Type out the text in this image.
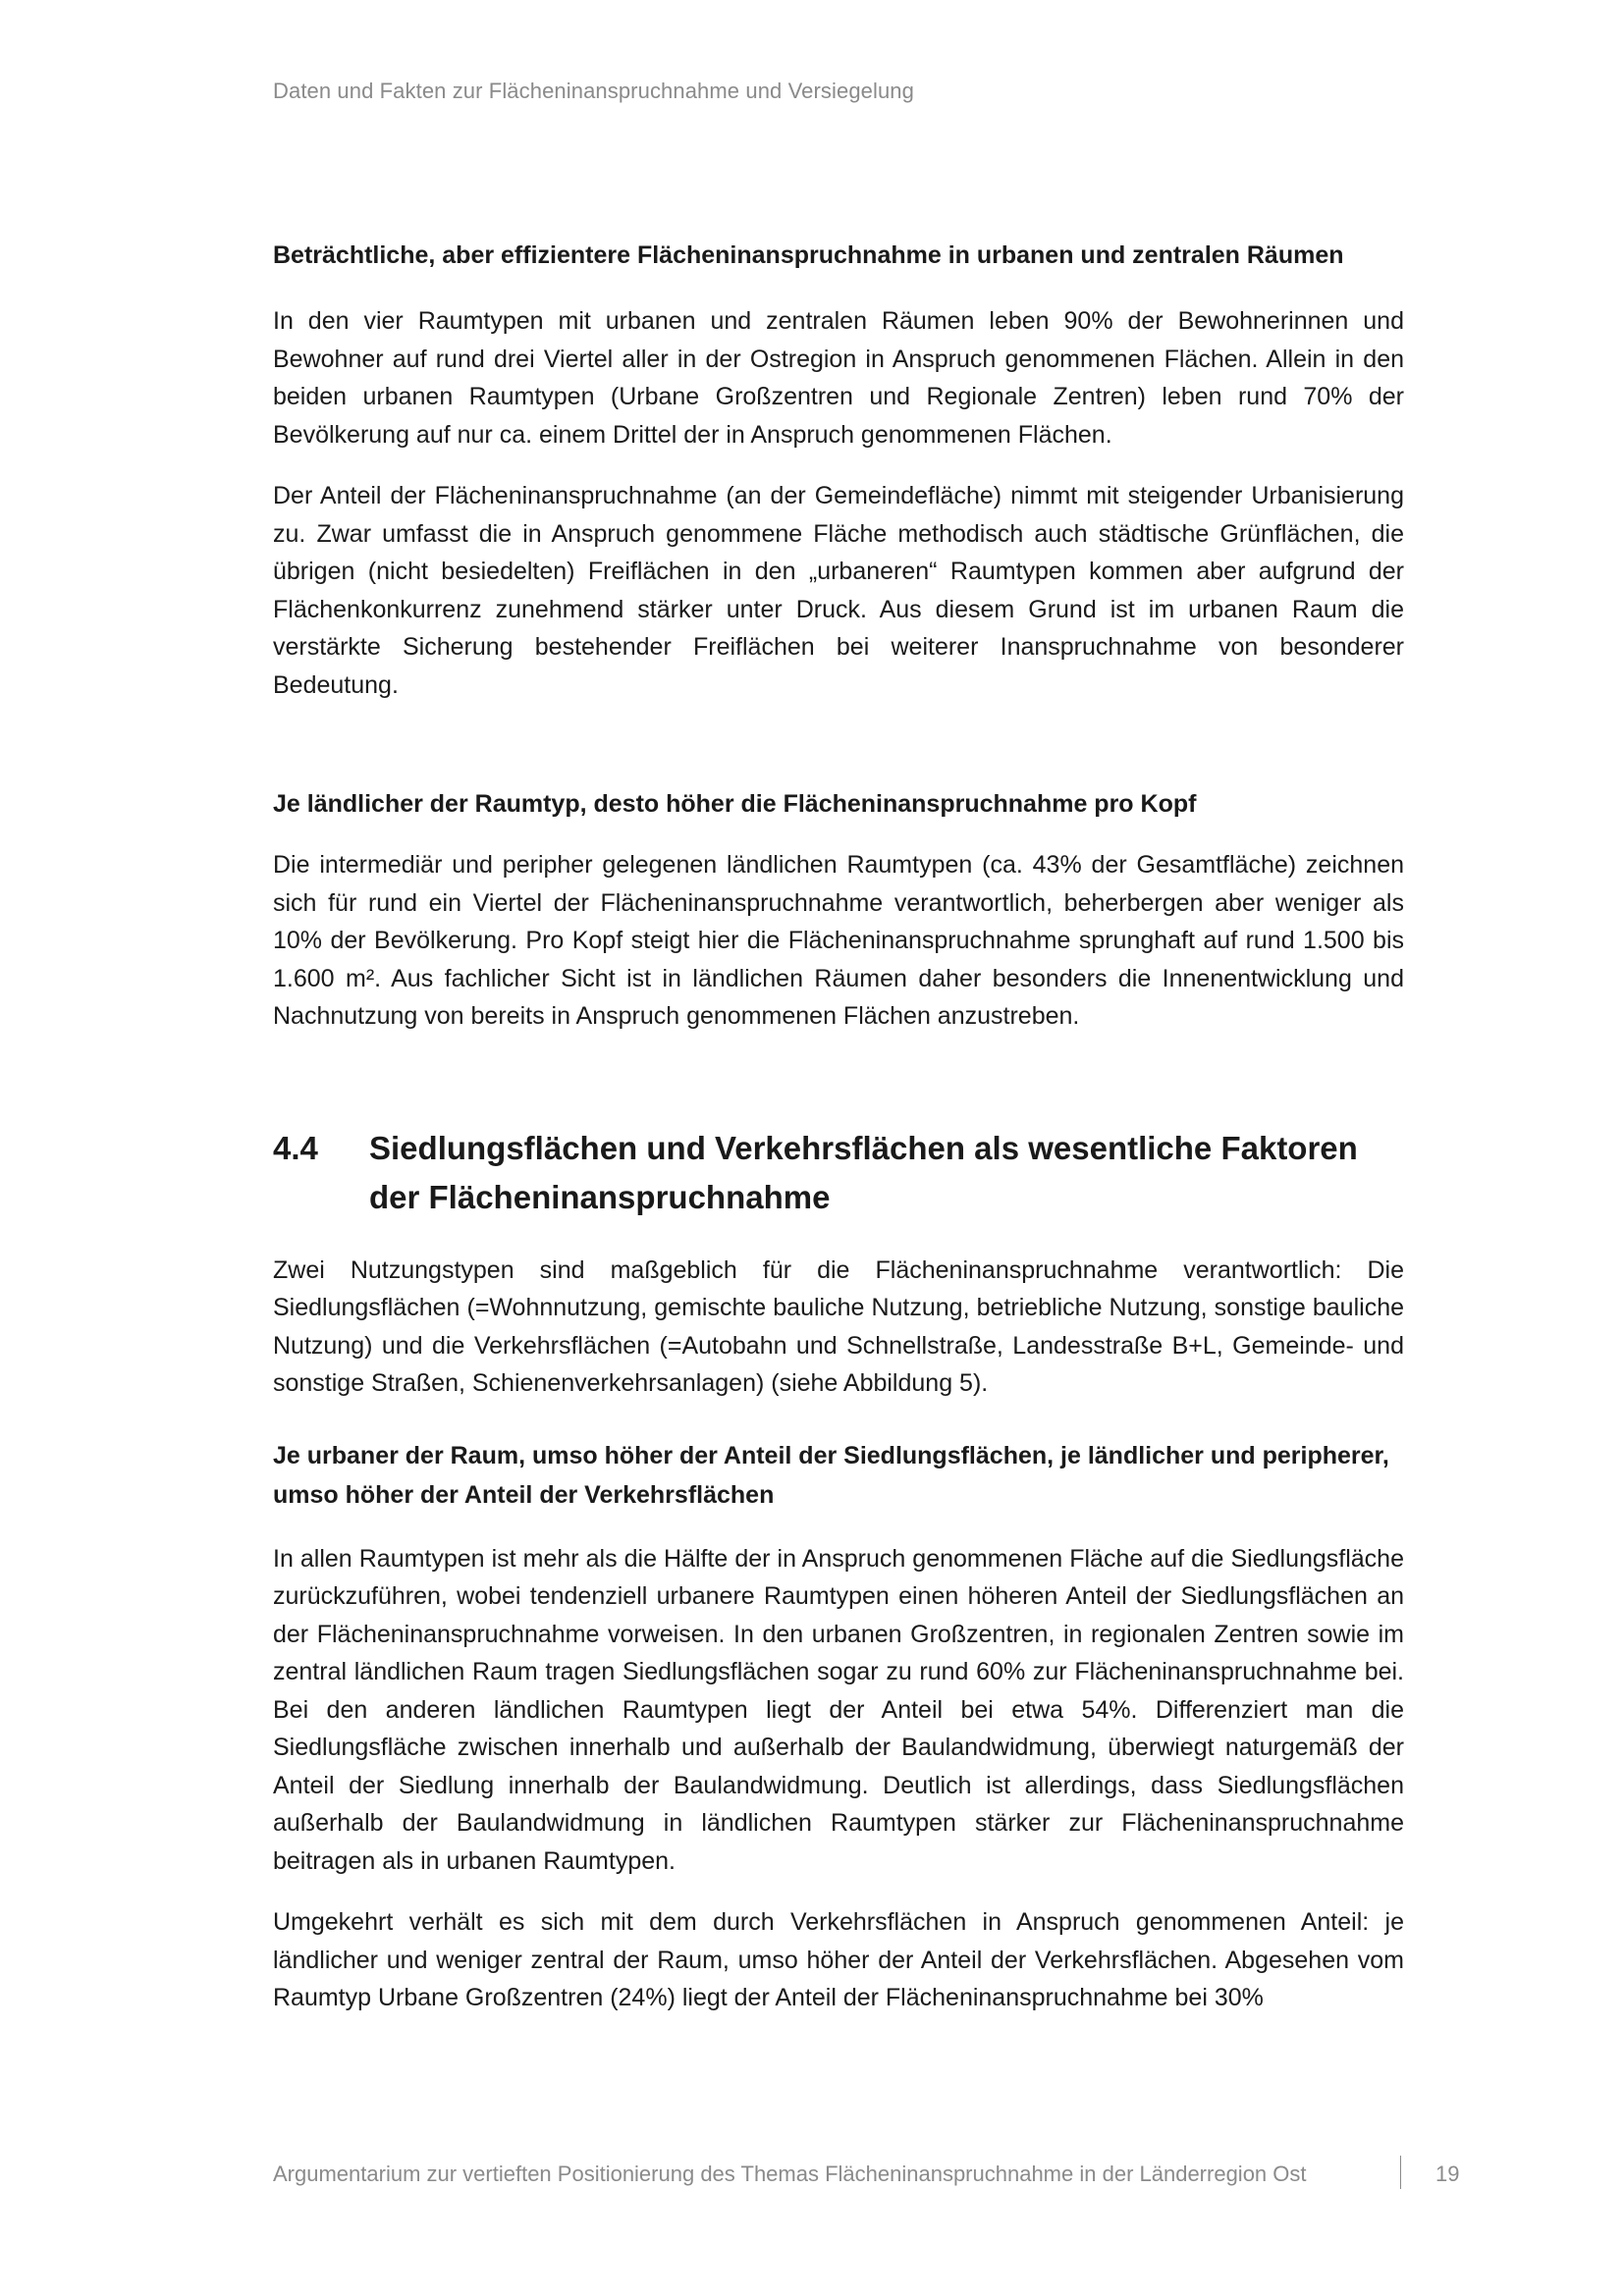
Daten und Fakten zur Flächeninanspruchnahme und Versiegelung

Beträchtliche, aber effizientere Flächeninanspruchnahme in urbanen und zentralen Räumen

In den vier Raumtypen mit urbanen und zentralen Räumen leben 90% der Bewohnerinnen und Bewohner auf rund drei Viertel aller in der Ostregion in Anspruch genommenen Flächen. Allein in den beiden urbanen Raumtypen (Urbane Großzentren und Regionale Zentren) leben rund 70% der Bevölkerung auf nur ca. einem Drittel der in Anspruch genommenen Flächen.

Der Anteil der Flächeninanspruchnahme (an der Gemeindefläche) nimmt mit steigender Urbanisierung zu. Zwar umfasst die in Anspruch genommene Fläche methodisch auch städtische Grünflächen, die übrigen (nicht besiedelten) Freiflächen in den „urbaneren“ Raumtypen kommen aber aufgrund der Flächenkonkurrenz zunehmend stärker unter Druck. Aus diesem Grund ist im urbanen Raum die verstärkte Sicherung bestehender Freiflächen bei weiterer Inanspruchnahme von besonderer Bedeutung.

Je ländlicher der Raumtyp, desto höher die Flächeninanspruchnahme pro Kopf

Die intermediär und peripher gelegenen ländlichen Raumtypen (ca. 43% der Gesamtfläche) zeichnen sich für rund ein Viertel der Flächeninanspruchnahme verantwortlich, beherbergen aber weniger als 10% der Bevölkerung. Pro Kopf steigt hier die Flächeninanspruchnahme sprunghaft auf rund 1.500 bis 1.600 m². Aus fachlicher Sicht ist in ländlichen Räumen daher besonders die Innenentwicklung und Nachnutzung von bereits in Anspruch genommenen Flächen anzustreben.

4.4	Siedlungsflächen und Verkehrsflächen als wesentliche Faktoren der Flächeninanspruchnahme

Zwei Nutzungstypen sind maßgeblich für die Flächeninanspruchnahme verantwortlich: Die Siedlungsflächen (=Wohnnutzung, gemischte bauliche Nutzung, betriebliche Nutzung, sonstige bauliche Nutzung) und die Verkehrsflächen (=Autobahn und Schnellstraße, Landesstraße B+L, Gemeinde- und sonstige Straßen, Schienenverkehrsanlagen) (siehe Abbildung 5).

Je urbaner der Raum, umso höher der Anteil der Siedlungsflächen, je ländlicher und peripherer, umso höher der Anteil der Verkehrsflächen

In allen Raumtypen ist mehr als die Hälfte der in Anspruch genommenen Fläche auf die Siedlungsfläche zurückzuführen, wobei tendenziell urbanere Raumtypen einen höheren Anteil der Siedlungsflächen an der Flächeninanspruchnahme vorweisen. In den urbanen Großzentren, in regionalen Zentren sowie im zentral ländlichen Raum tragen Siedlungsflächen sogar zu rund 60% zur Flächeninanspruchnahme bei. Bei den anderen ländlichen Raumtypen liegt der Anteil bei etwa 54%. Differenziert man die Siedlungsfläche zwischen innerhalb und außerhalb der Baulandwidmung, überwiegt naturgemäß der Anteil der Siedlung innerhalb der Baulandwidmung. Deutlich ist allerdings, dass Siedlungsflächen außerhalb der Baulandwidmung in ländlichen Raumtypen stärker zur Flächeninanspruchnahme beitragen als in urbanen Raumtypen.

Umgekehrt verhält es sich mit dem durch Verkehrsflächen in Anspruch genommenen Anteil: je ländlicher und weniger zentral der Raum, umso höher der Anteil der Verkehrsflächen. Abgesehen vom Raumtyp Urbane Großzentren (24%) liegt der Anteil der Flächeninanspruchnahme bei 30%

Argumentarium zur vertieften Positionierung des Themas Flächeninanspruchnahme in der Länderregion Ost	19
